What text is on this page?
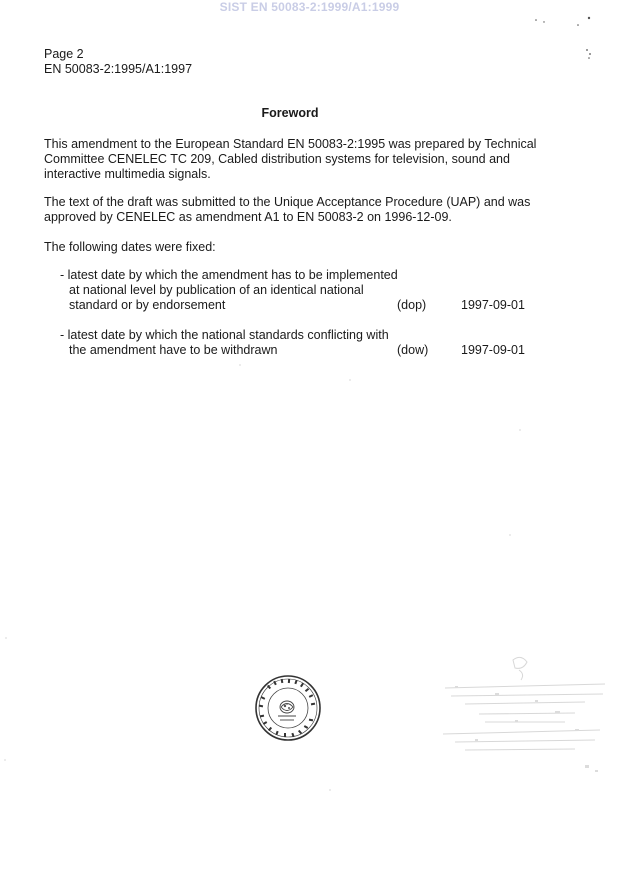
SIST EN 50083-2:1999/A1:1999
Page 2
EN 50083-2:1995/A1:1997
Foreword

This amendment to the European Standard EN 50083-2:1995 was prepared by Technical Committee CENELEC TC 209, Cabled distribution systems for television, sound and interactive multimedia signals.

The text of the draft was submitted to the Unique Acceptance Procedure (UAP) and was approved by CENELEC as amendment A1 to EN 50083-2 on 1996-12-09.

The following dates were fixed:

- latest date by which the amendment has to be implemented at national level by publication of an identical national standard or by endorsement	(dop)	1997-09-01
- latest date by which the national standards conflicting with the amendment have to be withdrawn	(dow)	1997-09-01
